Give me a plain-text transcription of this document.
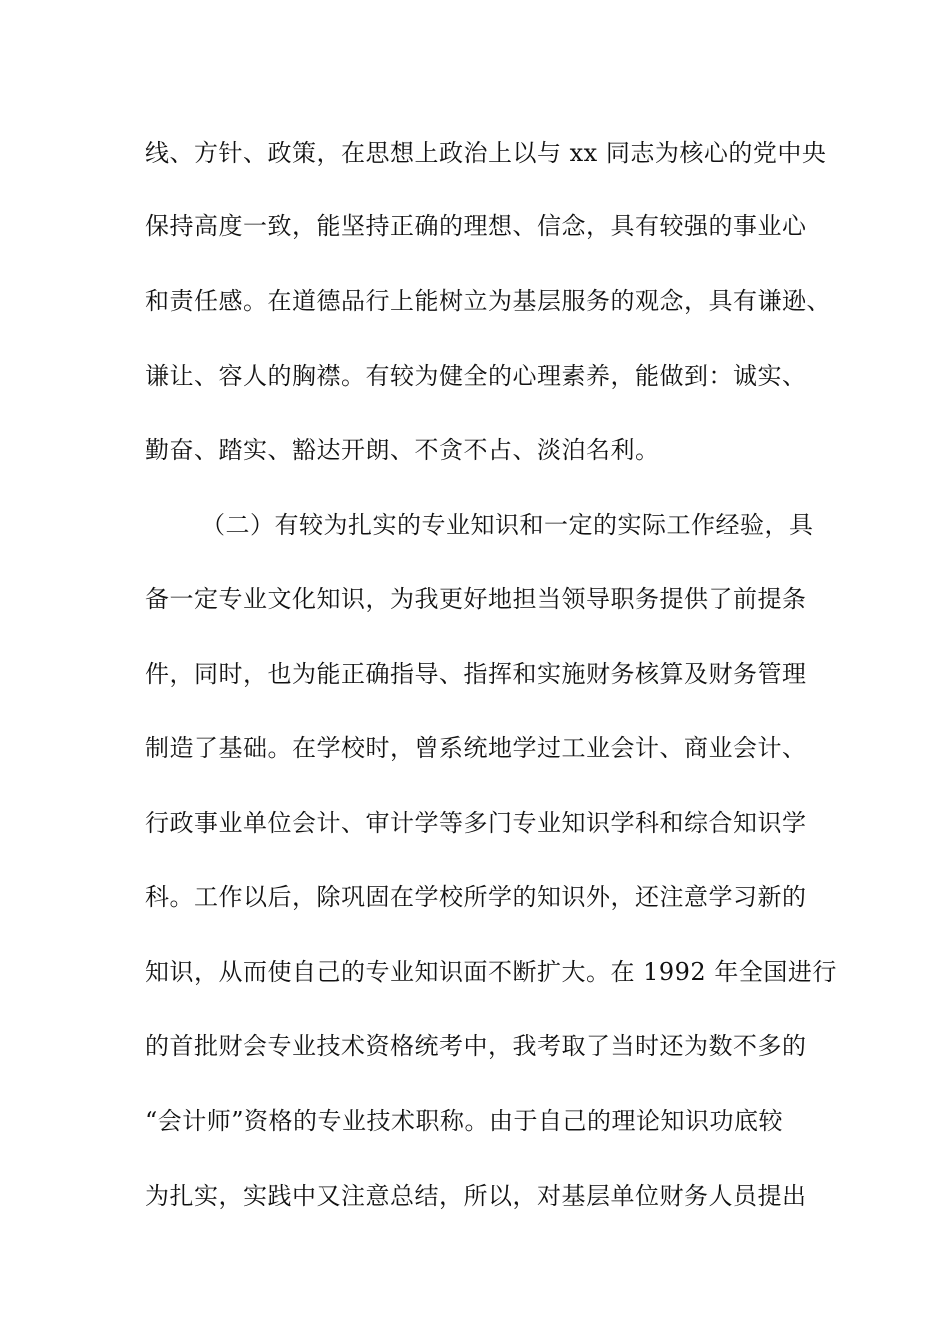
线、方针、政策，在思想上政治上以与 xx 同志为核心的党中央
保持高度一致，能坚持正确的理想、信念，具有较强的事业心
和责任感。在道德品行上能树立为基层服务的观念，具有谦逊、
谦让、容人的胸襟。有较为健全的心理素养，能做到：诚实、
勤奋、踏实、豁达开朗、不贪不占、淡泊名利。
（二）有较为扎实的专业知识和一定的实际工作经验，具
备一定专业文化知识，为我更好地担当领导职务提供了前提条
件，同时，也为能正确指导、指挥和实施财务核算及财务管理
制造了基础。在学校时，曾系统地学过工业会计、商业会计、
行政事业单位会计、审计学等多门专业知识学科和综合知识学
科。工作以后，除巩固在学校所学的知识外，还注意学习新的
知识，从而使自己的专业知识面不断扩大。在 1992 年全国进行
的首批财会专业技术资格统考中，我考取了当时还为数不多的
“会计师”资格的专业技术职称。由于自己的理论知识功底较
为扎实，实践中又注意总结，所以，对基层单位财务人员提出
